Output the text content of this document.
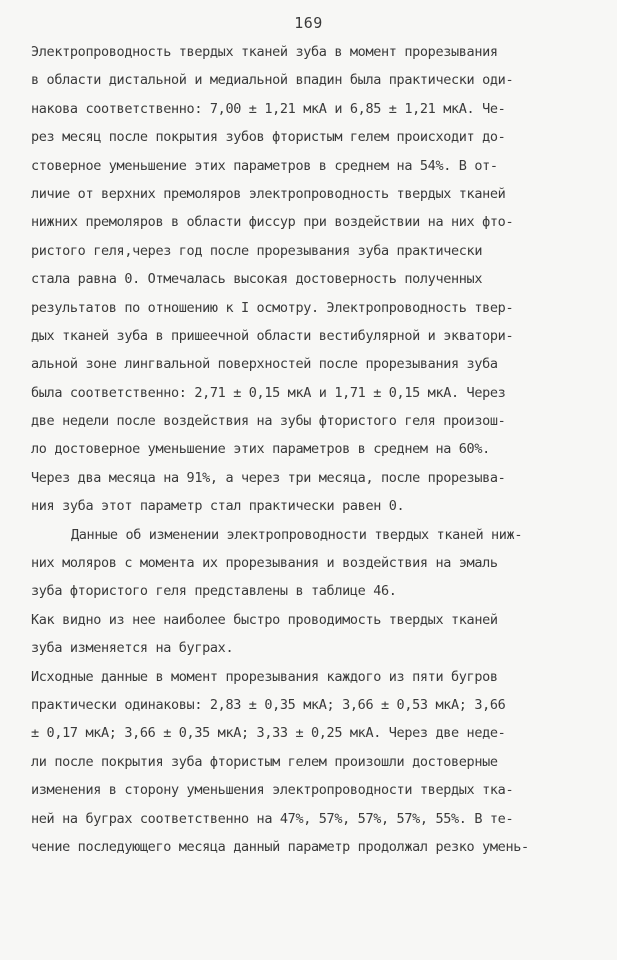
169
Электропроводность твердых тканей зуба в момент прорезывания
в области дистальной и медиальной впадин была практически оди-
накова соответственно: 7,00 ± 1,21 мкА и 6,85 ± 1,21 мкА. Че-
рез месяц после покрытия зубов фтористым гелем происходит до-
стоверное уменьшение этих параметров в среднем на 54%. В от-
личие от верхних премоляров электропроводность твердых тканей
нижних премоляров в области фиссур при воздействии на них фто-
ристого геля,через год после прорезывания зуба практически
стала равна 0. Отмечалась высокая достоверность полученных
результатов по отношению к I осмотру. Электропроводность твер-
дых тканей зуба в пришеечной области вестибулярной и экватори-
альной зоне лингвальной поверхностей после прорезывания зуба
была соответственно: 2,71 ± 0,15 мкА и 1,71 ± 0,15 мкА. Через
две недели после воздействия на зубы фтористого геля произош-
ло достоверное уменьшение этих параметров в среднем на 60%.
Через два месяца на 91%, а через три месяца, после прорезыва-
ния зуба этот параметр стал практически равен 0.
Данные об изменении электропроводности твердых тканей ниж-
них моляров с момента их прорезывания и воздействия на эмаль
зуба фтористого геля представлены в таблице 46.
Как видно из нее наиболее быстро проводимость твердых тканей
зуба изменяется на буграх.
Исходные данные в момент прорезывания каждого из пяти бугров
практически одинаковы: 2,83 ± 0,35 мкА; 3,66 ± 0,53 мкА; 3,66
± 0,17 мкА; 3,66 ± 0,35 мкА; 3,33 ± 0,25 мкА. Через две неде-
ли после покрытия зуба фтористым гелем произошли достоверные
изменения в сторону уменьшения электропроводности твердых тка-
ней на буграх соответственно на 47%, 57%, 57%, 57%, 55%. В те-
чение последующего месяца данный параметр продолжал резко умень-
